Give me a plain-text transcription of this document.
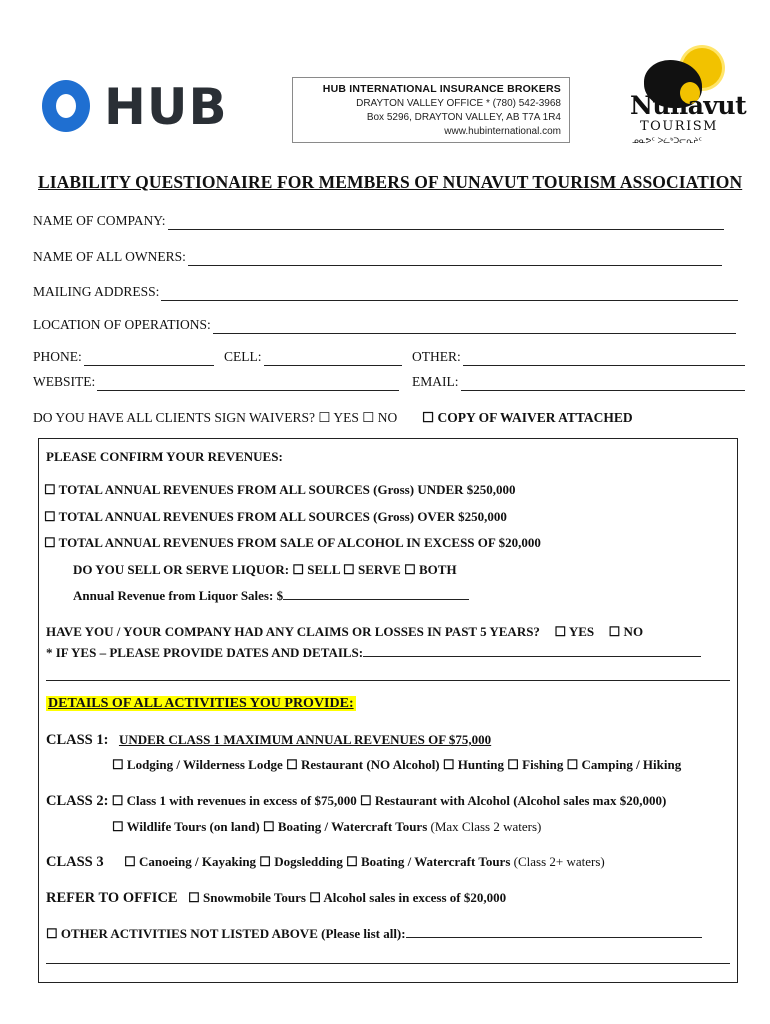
HUB	HUB INTERNATIONAL INSURANCE BROKERS
DRAYTON VALLEY OFFICE * (780) 542-3968
Box 5296, DRAYTON VALLEY, AB T7A 1R4
www.hubinternational.com
Nunavut
TOURISM
ᓄᓇᕗᑦ ᐳᓛᒃᑐᓕᕆᔨᑦ
LIABILITY QUESTIONAIRE FOR MEMBERS OF NUNAVUT TOURISM ASSOCIATION
NAME OF COMPANY:
NAME OF ALL OWNERS:
MAILING ADDRESS:
LOCATION OF OPERATIONS:
PHONE:	CELL:	OTHER:
WEBSITE:	EMAIL:
DO YOU HAVE ALL CLIENTS SIGN WAIVERS? ☐ YES ☐ NO ☐ COPY OF WAIVER ATTACHED
PLEASE CONFIRM YOUR REVENUES:
☐ TOTAL ANNUAL REVENUES FROM ALL SOURCES (Gross) UNDER $250,000
☐ TOTAL ANNUAL REVENUES FROM ALL SOURCES (Gross) OVER $250,000
☐ TOTAL ANNUAL REVENUES FROM SALE OF ALCOHOL IN EXCESS OF $20,000
DO YOU SELL OR SERVE LIQUOR: ☐ SELL ☐ SERVE ☐ BOTH
Annual Revenue from Liquor Sales: $
HAVE YOU / YOUR COMPANY HAD ANY CLAIMS OR LOSSES IN PAST 5 YEARS? ☐ YES ☐ NO
* IF YES – PLEASE PROVIDE DATES AND DETAILS:
DETAILS OF ALL ACTIVITIES YOU PROVIDE:
CLASS 1: UNDER CLASS 1 MAXIMUM ANNUAL REVENUES OF $75,000
☐ Lodging / Wilderness Lodge ☐ Restaurant (NO Alcohol) ☐ Hunting ☐ Fishing ☐ Camping / Hiking
CLASS 2: ☐ Class 1 with revenues in excess of $75,000 ☐ Restaurant with Alcohol (Alcohol sales max $20,000)
☐ Wildlife Tours (on land) ☐ Boating / Watercraft Tours (Max Class 2 waters)
CLASS 3 ☐ Canoeing / Kayaking ☐ Dogsledding ☐ Boating / Watercraft Tours (Class 2+ waters)
REFER TO OFFICE ☐ Snowmobile Tours ☐ Alcohol sales in excess of $20,000
☐ OTHER ACTIVITIES NOT LISTED ABOVE (Please list all):
